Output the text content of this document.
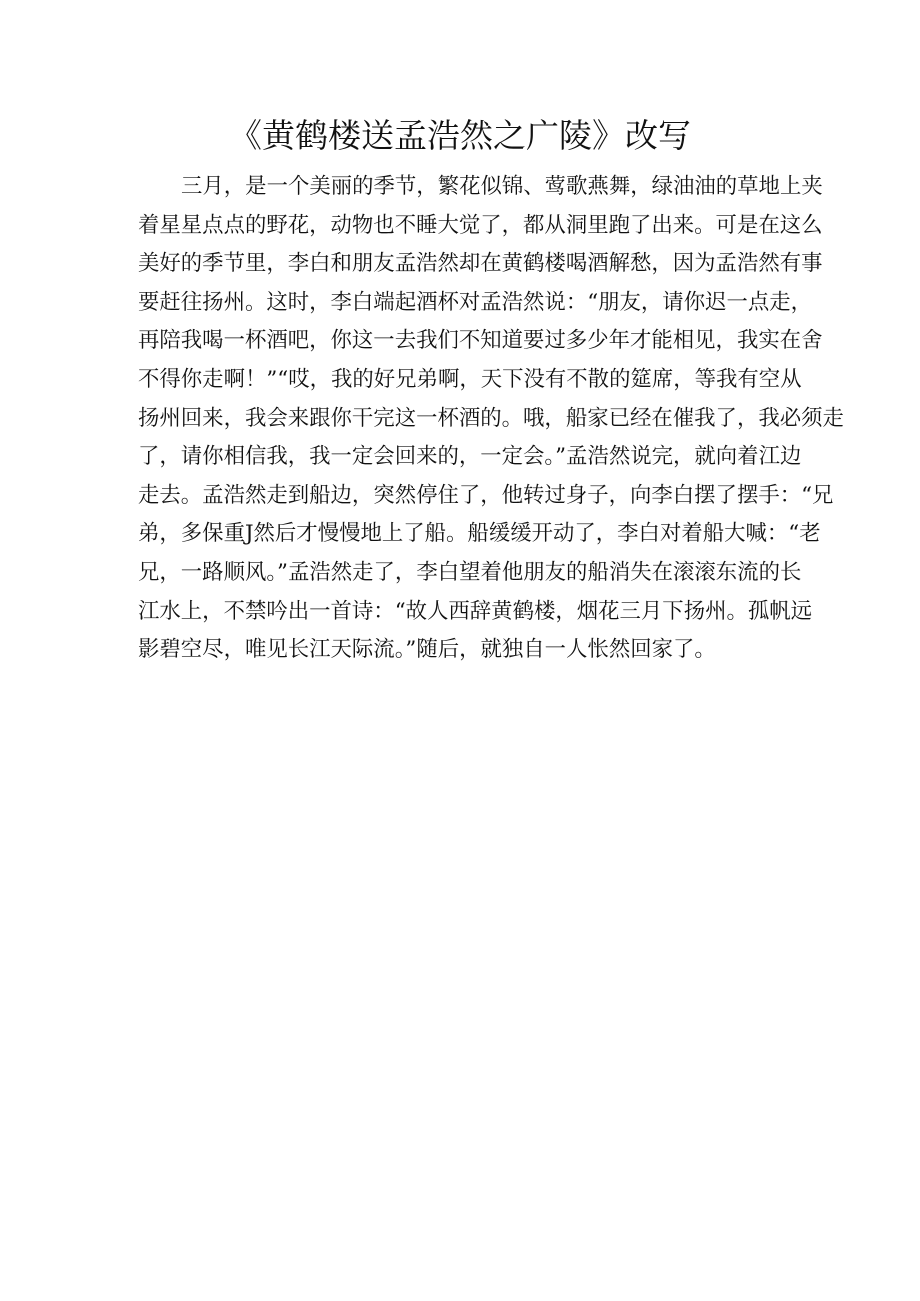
《黄鹤楼送孟浩然之广陵》改写
三月，是一个美丽的季节，繁花似锦、莺歌燕舞，绿油油的草地上夹
着星星点点的野花，动物也不睡大觉了，都从洞里跑了出来。可是在这么
美好的季节里，李白和朋友孟浩然却在黄鹤楼喝酒解愁，因为孟浩然有事
要赶往扬州。这时，李白端起酒杯对孟浩然说：“朋友，请你迟一点走，
再陪我喝一杯酒吧，你这一去我们不知道要过多少年才能相见，我实在舍
不得你走啊！”“哎，我的好兄弟啊，天下没有不散的筵席，等我有空从
扬州回来，我会来跟你干完这一杯酒的。哦，船家已经在催我了，我必须走
了，请你相信我，我一定会回来的，一定会。”孟浩然说完，就向着江边
走去。孟浩然走到船边，突然停住了，他转过身子，向李白摆了摆手：“兄
弟，多保重J然后才慢慢地上了船。船缓缓开动了，李白对着船大喊：“老
兄，一路顺风。”孟浩然走了，李白望着他朋友的船消失在滚滚东流的长
江水上，不禁吟出一首诗：“故人西辞黄鹤楼，烟花三月下扬州。孤帆远
影碧空尽，唯见长江天际流。”随后，就独自一人怅然回家了。
